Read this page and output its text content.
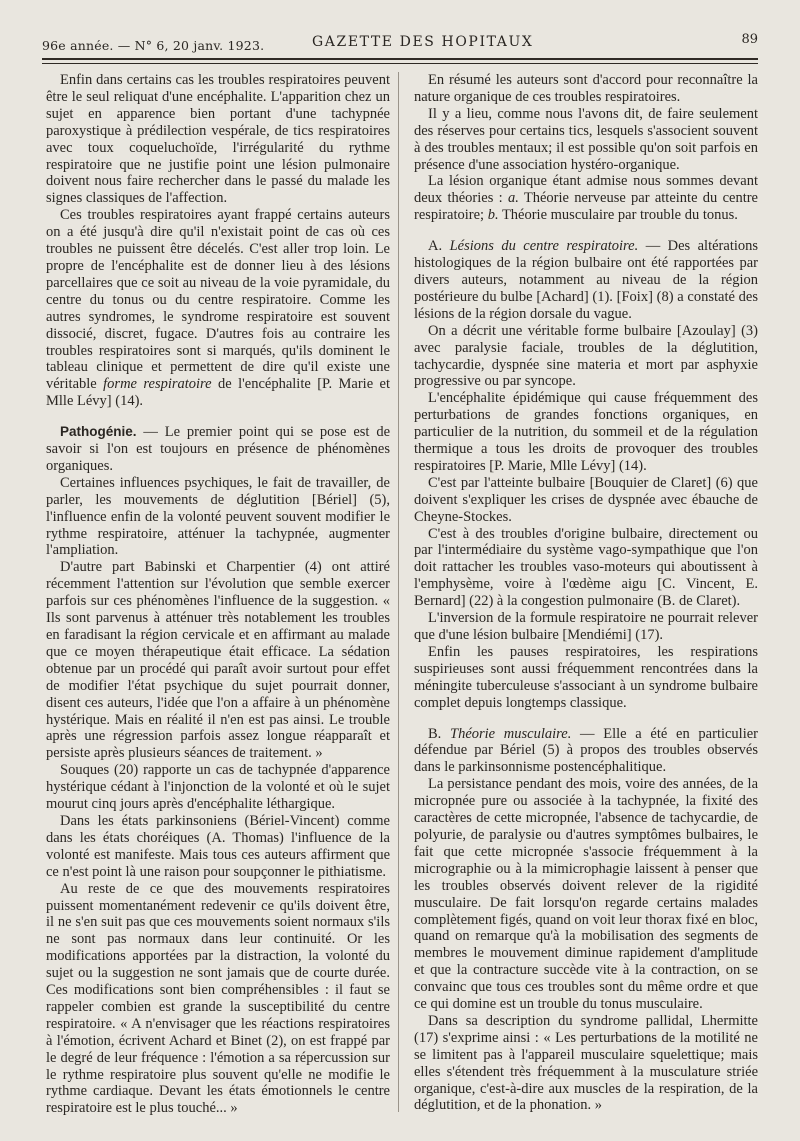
96e année. — N° 6, 20 janv. 1923.	GAZETTE DES HOPITAUX	89

Enfin dans certains cas les troubles respiratoires peuvent être le seul reliquat d'une encéphalite. L'apparition chez un sujet en apparence bien portant d'une tachypnée paroxystique à prédilection vespérale, de tics respiratoires avec toux coqueluchoïde, l'irrégularité du rythme respiratoire que ne justifie point une lésion pulmonaire doivent nous faire rechercher dans le passé du malade les signes classiques de l'affection.

Ces troubles respiratoires ayant frappé certains auteurs on a été jusqu'à dire qu'il n'existait point de cas où ces troubles ne puissent être décelés. C'est aller trop loin. Le propre de l'encéphalite est de donner lieu à des lésions parcellaires que ce soit au niveau de la voie pyramidale, du centre du tonus ou du centre respiratoire. Comme les autres syndromes, le syndrome respiratoire est souvent dissocié, discret, fugace. D'autres fois au contraire les troubles respiratoires sont si marqués, qu'ils dominent le tableau clinique et permettent de dire qu'il existe une véritable forme respiratoire de l'encéphalite [P. Marie et Mlle Lévy] (14).

Pathogénie. — Le premier point qui se pose est de savoir si l'on est toujours en présence de phénomènes organiques.

Certaines influences psychiques, le fait de travailler, de parler, les mouvements de déglutition [Bériel] (5), l'influence enfin de la volonté peuvent souvent modifier le rythme respiratoire, atténuer la tachypnée, augmenter l'ampliation.

D'autre part Babinski et Charpentier (4) ont attiré récemment l'attention sur l'évolution que semble exercer parfois sur ces phénomènes l'influence de la suggestion. « Ils sont parvenus à atténuer très notablement les troubles en faradisant la région cervicale et en affirmant au malade que ce moyen thérapeutique était efficace. La sédation obtenue par un procédé qui paraît avoir surtout pour effet de modifier l'état psychique du sujet pourrait donner, disent ces auteurs, l'idée que l'on a affaire à un phénomène hystérique. Mais en réalité il n'en est pas ainsi. Le trouble après une régression parfois assez longue réapparaît et persiste après plusieurs séances de traitement. »

Souques (20) rapporte un cas de tachypnée d'apparence hystérique cédant à l'injonction de la volonté et où le sujet mourut cinq jours après d'encéphalite léthargique.

Dans les états parkinsoniens (Bériel-Vincent) comme dans les états choréiques (A. Thomas) l'influence de la volonté est manifeste. Mais tous ces auteurs affirment que ce n'est point là une raison pour soupçonner le pithiatisme.

Au reste de ce que des mouvements respiratoires puissent momentanément redevenir ce qu'ils doivent être, il ne s'en suit pas que ces mouvements soient normaux s'ils ne sont pas normaux dans leur continuité. Or les modifications apportées par la distraction, la volonté du sujet ou la suggestion ne sont jamais que de courte durée. Ces modifications sont bien compréhensibles : il faut se rappeler combien est grande la susceptibilité du centre respiratoire. « A n'envisager que les réactions respiratoires à l'émotion, écrivent Achard et Binet (2), on est frappé par le degré de leur fréquence : l'émotion a sa répercussion sur le rythme respiratoire plus souvent qu'elle ne modifie le rythme cardiaque. Devant les états émotionnels le centre respiratoire est le plus touché... »

En résumé les auteurs sont d'accord pour reconnaître la nature organique de ces troubles respiratoires.

Il y a lieu, comme nous l'avons dit, de faire seulement des réserves pour certains tics, lesquels s'associent souvent à des troubles mentaux; il est possible qu'on soit parfois en présence d'une association hystéro-organique.

La lésion organique étant admise nous sommes devant deux théories : a. Théorie nerveuse par atteinte du centre respiratoire; b. Théorie musculaire par trouble du tonus.

A. Lésions du centre respiratoire. — Des altérations histologiques de la région bulbaire ont été rapportées par divers auteurs, notamment au niveau de la région postérieure du bulbe [Achard] (1). [Foix] (8) a constaté des lésions de la région dorsale du vague.

On a décrit une véritable forme bulbaire [Azoulay] (3) avec paralysie faciale, troubles de la déglutition, tachycardie, dyspnée sine materia et mort par asphyxie progressive ou par syncope.

L'encéphalite épidémique qui cause fréquemment des perturbations de grandes fonctions organiques, en particulier de la nutrition, du sommeil et de la régulation thermique a tous les droits de provoquer des troubles respiratoires [P. Marie, Mlle Lévy] (14).

C'est par l'atteinte bulbaire [Bouquier de Claret] (6) que doivent s'expliquer les crises de dyspnée avec ébauche de Cheyne-Stockes.

C'est à des troubles d'origine bulbaire, directement ou par l'intermédiaire du système vago-sympathique que l'on doit rattacher les troubles vaso-moteurs qui aboutissent à l'emphysème, voire à l'œdème aigu [C. Vincent, E. Bernard] (22) à la congestion pulmonaire (B. de Claret).

L'inversion de la formule respiratoire ne pourrait relever que d'une lésion bulbaire [Mendiémi] (17).

Enfin les pauses respiratoires, les respirations suspirieuses sont aussi fréquemment rencontrées dans la méningite tuberculeuse s'associant à un syndrome bulbaire complet depuis longtemps classique.

B. Théorie musculaire. — Elle a été en particulier défendue par Bériel (5) à propos des troubles observés dans le parkinsonnisme postencéphalitique.

La persistance pendant des mois, voire des années, de la micropnée pure ou associée à la tachypnée, la fixité des caractères de cette micropnée, l'absence de tachycardie, de polyurie, de paralysie ou d'autres symptômes bulbaires, le fait que cette micropnée s'associe fréquemment à la micrographie ou à la mimicrophagie laissent à penser que les troubles observés doivent relever de la rigidité musculaire. De fait lorsqu'on regarde certains malades complètement figés, quand on voit leur thorax fixé en bloc, quand on remarque qu'à la mobilisation des segments de membres le mouvement diminue rapidement d'amplitude et que la contracture succède vite à la contraction, on se convainc que tous ces troubles sont du même ordre et que ce qui domine est un trouble du tonus musculaire.

Dans sa description du syndrome pallidal, Lhermitte (17) s'exprime ainsi : « Les perturbations de la motilité ne se limitent pas à l'appareil musculaire squelettique; mais elles s'étendent très fréquemment à la musculature striée organique, c'est-à-dire aux muscles de la respiration, de la déglutition, et de la phonation. »
